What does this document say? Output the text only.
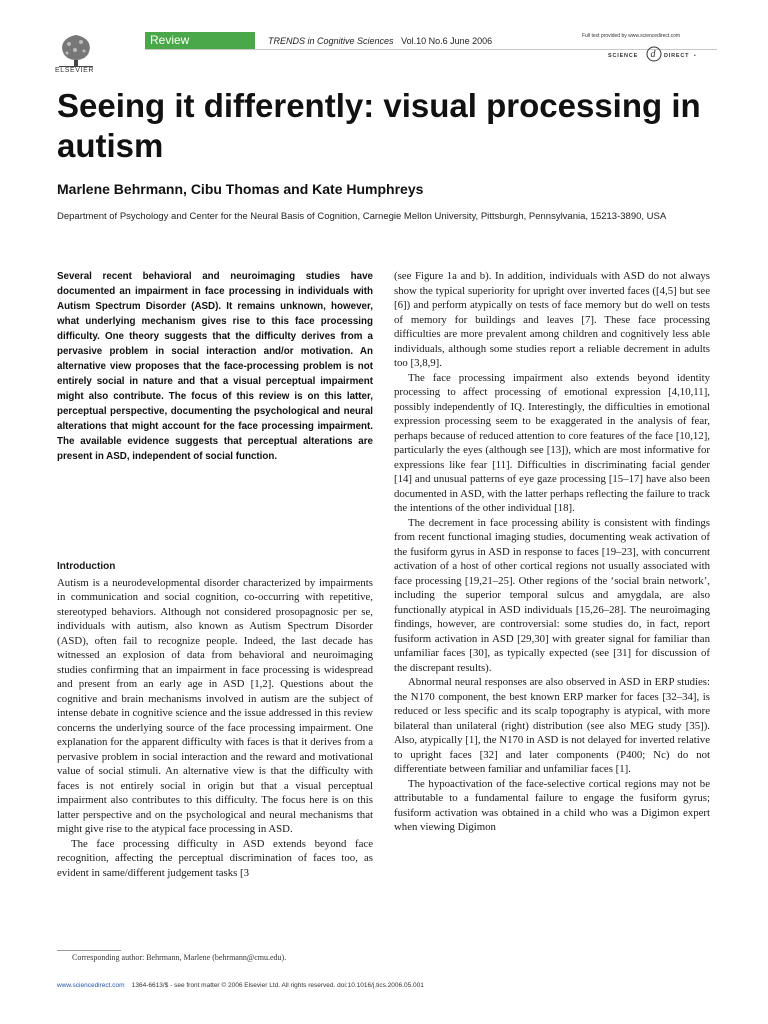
ELSEVIER
Review	TRENDS in Cognitive Sciences Vol.10 No.6 June 2006	Full text provided by www.sciencedirect.com
SCIENCE d DIRECT •
Seeing it differently: visual processing in autism
Marlene Behrmann, Cibu Thomas and Kate Humphreys
Department of Psychology and Center for the Neural Basis of Cognition, Carnegie Mellon University, Pittsburgh, Pennsylvania, 15213-3890, USA
Several recent behavioral and neuroimaging studies have documented an impairment in face processing in individuals with Autism Spectrum Disorder (ASD). It remains unknown, however, what underlying mechanism gives rise to this face processing difficulty. One theory suggests that the difficulty derives from a pervasive problem in social interaction and/or motivation. An alternative view proposes that the face-processing problem is not entirely social in nature and that a visual perceptual impairment might also contribute. The focus of this review is on this latter, perceptual perspective, documenting the psychological and neural alterations that might account for the face processing impairment. The available evidence suggests that perceptual alterations are present in ASD, independent of social function.
Introduction

Autism is a neurodevelopmental disorder characterized by impairments in communication and social cognition, co-occurring with repetitive, stereotyped behaviors. Although not considered prosopagnosic per se, individuals with autism, also known as Autism Spectrum Disorder (ASD), often fail to recognize people. Indeed, the last decade has witnessed an explosion of data from behavioral and neuroimaging studies confirming that an impairment in face processing is widespread and present from an early age in ASD [1,2]. Questions about the cognitive and brain mechanisms involved in autism are the subject of intense debate in cognitive science and the issue addressed in this review concerns the underlying source of the face processing impairment. One explanation for the apparent difficulty with faces is that it derives from a pervasive problem in social interaction and the reward and motivational value of social stimuli. An alternative view is that the difficulty with faces is not entirely social in origin but that a visual perceptual impairment also contributes to this difficulty. The focus here is on this latter perspective and on the psychological and neural mechanisms that might give rise to the atypical face processing in ASD.

The face processing difficulty in ASD extends beyond face recognition, affecting the perceptual discrimination of faces too, as evident in same/different judgement tasks [3

(see Figure 1a and b). In addition, individuals with ASD do not always show the typical superiority for upright over inverted faces ([4,5] but see [6]) and perform atypically on tests of face memory but do well on tests of memory for buildings and leaves [7]. These face processing difficulties are more prevalent among children and cognitively less able individuals, although some studies report a reliable decrement in adults too [3,8,9].

The face processing impairment also extends beyond identity processing to affect processing of emotional expression [4,10,11], possibly independently of IQ. Interestingly, the difficulties in emotional expression processing seem to be exaggerated in the analysis of fear, perhaps because of reduced attention to core features of the face [10,12], particularly the eyes (although see [13]), which are most informative for expressions like fear [11]. Difficulties in discriminating facial gender [14] and unusual patterns of eye gaze processing [15–17] have also been documented in ASD, with the latter perhaps reflecting the failure to track the intentions of the other individual [18].

The decrement in face processing ability is consistent with findings from recent functional imaging studies, documenting weak activation of the fusiform gyrus in ASD in response to faces [19–23], with concurrent activation of a host of other cortical regions not usually associated with face processing [19,21–25]. Other regions of the ‘social brain network’, including the superior temporal sulcus and amygdala, are also functionally atypical in ASD individuals [15,26–28]. The neuroimaging findings, however, are controversial: some studies do, in fact, report fusiform activation in ASD [29,30] with greater signal for familiar than unfamiliar faces [30], as typically expected (see [31] for discussion of the discrepant results).

Abnormal neural responses are also observed in ASD in ERP studies: the N170 component, the best known ERP marker for faces [32–34], is reduced or less specific and its scalp topography is atypical, with more bilateral than unilateral (right) distribution (see also MEG study [35]). Also, atypically [1], the N170 in ASD is not delayed for inverted relative to upright faces [32] and later components (P400; Nc) do not differentiate between familiar and unfamiliar faces [1].

The hypoactivation of the face-selective cortical regions may not be attributable to a fundamental failure to engage the fusiform gyrus; fusiform activation was obtained in a child who was a Digimon expert when viewing Digimon

Corresponding author: Behrmann, Marlene (behrmann@cmu.edu).
www.sciencedirect.com 1364-6613/$ - see front matter © 2006 Elsevier Ltd. All rights reserved. doi:10.1016/j.tics.2006.05.001
